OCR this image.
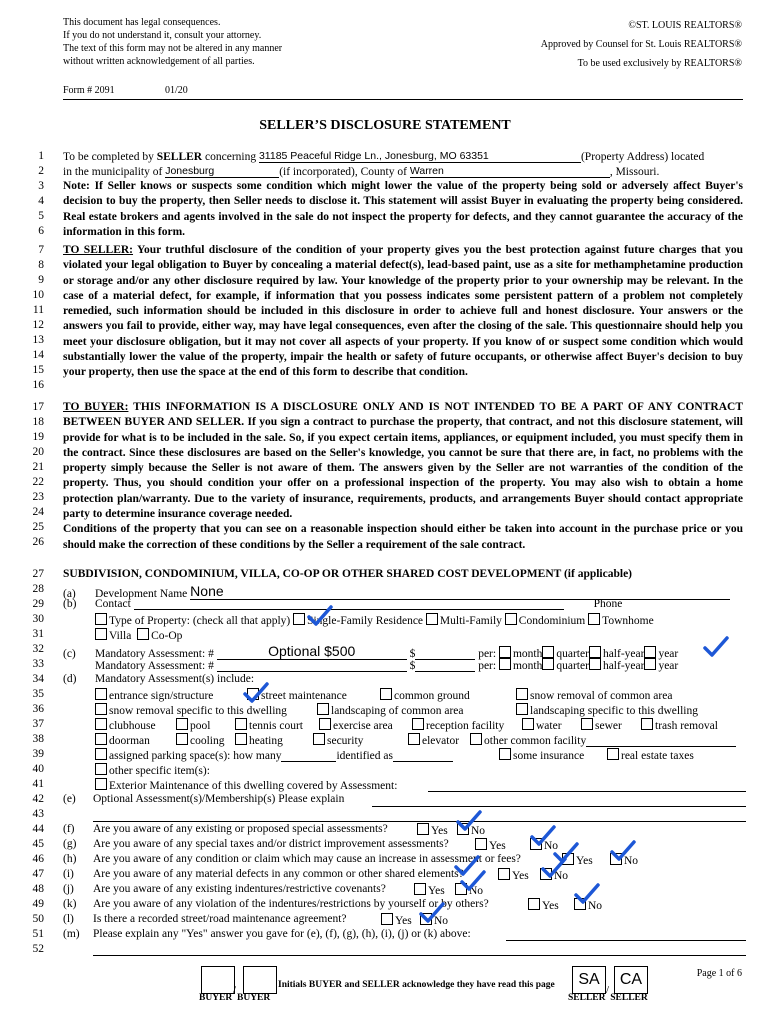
This document has legal consequences.
If you do not understand it, consult your attorney.
The text of this form may not be altered in any manner
without written acknowledgement of all parties.
©ST. LOUIS REALTORS®
Approved by Counsel for St. Louis REALTORS®
To be used exclusively by REALTORS®
Form # 2091	01/20
SELLER’S DISCLOSURE STATEMENT
1
2
3
4
5
6
7
8
9
10
11
12
13
14
15
16
17
18
19
20
21
22
23
24
25
26
27
28
29
30
31
32
33
34
35
36
37
38
39
40
41
42
43
44
45
46
47
48
49
50
51
52
To be completed by SELLER concerning 31185 Peaceful Ridge Ln., Jonesburg, MO 63351	(Property Address) located
in the municipality of Jonesburg	(if incorporated), County of Warren	, Missouri.
Note: If Seller knows or suspects some condition which might lower the value of the property being sold or adversely affect Buyer's decision to buy the property, then Seller needs to disclose it. This statement will assist Buyer in evaluating the property being considered. Real estate brokers and agents involved in the sale do not inspect the property for defects, and they cannot guarantee the accuracy of the information in this form.
TO SELLER: Your truthful disclosure of the condition of your property gives you the best protection against future charges that you violated your legal obligation to Buyer by concealing a material defect(s), lead-based paint, use as a site for methamphetamine production or storage and/or any other disclosure required by law. Your knowledge of the property prior to your ownership may be relevant. In the case of a material defect, for example, if information that you possess indicates some persistent pattern of a problem not completely remedied, such information should be included in this disclosure in order to achieve full and honest disclosure. Your answers or the answers you fail to provide, either way, may have legal consequences, even after the closing of the sale. This questionnaire should help you meet your disclosure obligation, but it may not cover all aspects of your property. If you know of or suspect some condition which would substantially lower the value of the property, impair the health or safety of future occupants, or otherwise affect Buyer's decision to buy your property, then use the space at the end of this form to describe that condition.
TO BUYER: THIS INFORMATION IS A DISCLOSURE ONLY AND IS NOT INTENDED TO BE A PART OF ANY CONTRACT BETWEEN BUYER AND SELLER. If you sign a contract to purchase the property, that contract, and not this disclosure statement, will provide for what is to be included in the sale. So, if you expect certain items, appliances, or equipment included, you must specify them in the contract. Since these disclosures are based on the Seller's knowledge, you cannot be sure that there are, in fact, no problems with the property simply because the Seller is not aware of them. The answers given by the Seller are not warranties of the condition of the property. Thus, you should condition your offer on a professional inspection of the property. You may also wish to obtain a home protection plan/warranty. Due to the variety of insurance, requirements, products, and arrangements Buyer should contact appropriate party to determine insurance coverage needed.
Conditions of the property that you can see on a reasonable inspection should either be taken into account in the purchase price or you should make the correction of these conditions by the Seller a requirement of the sale contract.
SUBDIVISION, CONDOMINIUM, VILLA, CO-OP OR OTHER SHARED COST DEVELOPMENT (if applicable)
(a) Development Name None
(b) Contact	Phone
Type of Property: (check all that apply) Single-Family Residence Multi-Family Condominium Townhome
Villa Co-Op
(c) Mandatory Assessment: #	Optional $500	$	per: month quarter half-year year
Mandatory Assessment: #	$	per: month quarter half-year year
(d) Mandatory Assessment(s) include:
entrance sign/structure	street maintenance	common ground	snow removal of common area
snow removal specific to this dwelling	landscaping of common area	landscaping specific to this dwelling
clubhouse	pool	tennis court	exercise area	reception facility	water	sewer	trash removal
doorman	cooling	heating	security	elevator	other common facility
assigned parking space(s): how many	identified as	some insurance	real estate taxes
other specific item(s):
Exterior Maintenance of this dwelling covered by Assessment:
(e) Optional Assessment(s)/Membership(s) Please explain
(f) Are you aware of any existing or proposed special assessments?	Yes	No
(g) Are you aware of any special taxes and/or district improvement assessments?	Yes	No
(h) Are you aware of any condition or claim which may cause an increase in assessment or fees?	Yes	No
(i) Are you aware of any material defects in any common or other shared elements?	Yes	No
(j) Are you aware of any existing indentures/restrictive covenants?	Yes	No
(k) Are you aware of any violation of the indentures/restrictions by yourself or by others?	Yes	No
(l) Is there a recorded street/road maintenance agreement?	Yes	No
(m) Please explain any "Yes" answer you gave for (e), (f), (g), (h), (i), (j) or (k) above:
/	Initials BUYER and SELLER acknowledge they have read this page	SA	CA
/
BUYER  BUYER	SELLER  SELLER
Page 1 of 6
